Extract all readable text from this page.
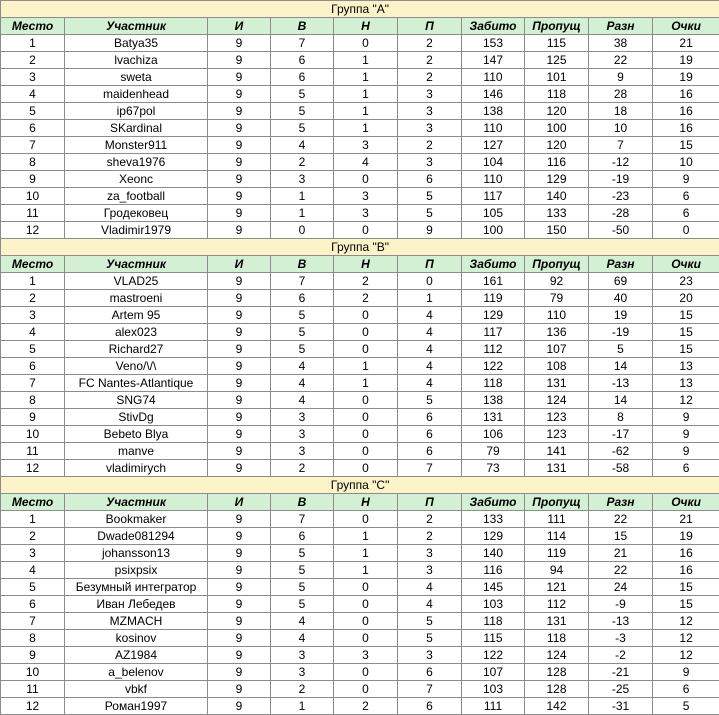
Группа "A"									
Место	Участник	И	В	Н	П	Забито	Пропущ	Разн	Очки
1	Batya35	9	7	0	2	153	115	38	21
2	lvachiza	9	6	1	2	147	125	22	19
3	sweta	9	6	1	2	110	101	9	19
4	maidenhead	9	5	1	3	146	118	28	16
5	ip67pol	9	5	1	3	138	120	18	16
6	SKardinal	9	5	1	3	110	100	10	16
7	Monster911	9	4	3	2	127	120	7	15
8	sheva1976	9	2	4	3	104	116	-12	10
9	Xeonc	9	3	0	6	110	129	-19	9
10	za_football	9	1	3	5	117	140	-23	6
11	Гродековец	9	1	3	5	105	133	-28	6
12	Vladimir1979	9	0	0	9	100	150	-50	0
Группа "B"									
Место	Участник	И	В	Н	П	Забито	Пропущ	Разн	Очки
1	VLAD25	9	7	2	0	161	92	69	23
2	mastroeni	9	6	2	1	119	79	40	20
3	Artem 95	9	5	0	4	129	110	19	15
4	alex023	9	5	0	4	117	136	-19	15
5	Richard27	9	5	0	4	112	107	5	15
6	Veno/\/\	9	4	1	4	122	108	14	13
7	FC Nantes-Atlantique	9	4	1	4	118	131	-13	13
8	SNG74	9	4	0	5	138	124	14	12
9	StivDg	9	3	0	6	131	123	8	9
10	Bebeto Blya	9	3	0	6	106	123	-17	9
11	manve	9	3	0	6	79	141	-62	9
12	vladimirych	9	2	0	7	73	131	-58	6
Группа "C"									
Место	Участник	И	В	Н	П	Забито	Пропущ	Разн	Очки
1	Bookmaker	9	7	0	2	133	111	22	21
2	Dwade081294	9	6	1	2	129	114	15	19
3	johansson13	9	5	1	3	140	119	21	16
4	psixpsix	9	5	1	3	116	94	22	16
5	Безумный интегратор	9	5	0	4	145	121	24	15
6	Иван Лебедев	9	5	0	4	103	112	-9	15
7	MZMACH	9	4	0	5	118	131	-13	12
8	kosinov	9	4	0	5	115	118	-3	12
9	AZ1984	9	3	3	3	122	124	-2	12
10	a_belenov	9	3	0	6	107	128	-21	9
11	vbkf	9	2	0	7	103	128	-25	6
12	Роман1997	9	1	2	6	111	142	-31	5
